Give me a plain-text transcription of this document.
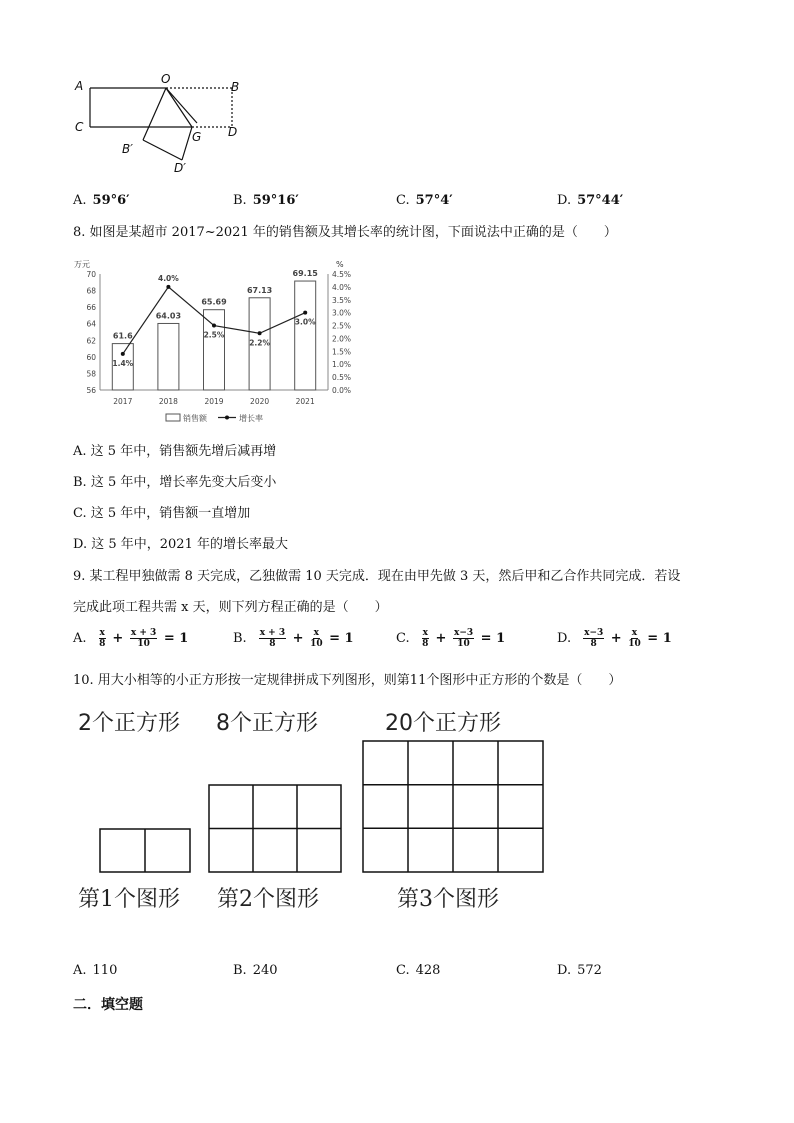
A	O
B
C
G D
B′
D′
A. 59°6′	B. 59°16′	C. 57°4′	D. 57°44′
8. 如图是某超市 2017~2021 年的销售额及其增长率的统计图，下面说法中正确的是（　　）
万元	%
56
58
60
62
64
66
68
70
0.0%
0.5%
1.0%
1.5%
2.0%
2.5%
3.0%
3.5%
4.0%
4.5%
61.6
2017
64.03
2018
65.69
2019
67.13
2020
69.15
2021
1.4%
4.0%
2.5%
2.2%
3.0%
销售额	增长率
A. 这 5 年中，销售额先增后减再增
B. 这 5 年中，增长率先变大后变小
C. 这 5 年中，销售额一直增加
D. 这 5 年中，2021 年的增长率最大
9. 某工程甲独做需 8 天完成，乙独做需 10 天完成．现在由甲先做 3 天，然后甲和乙合作共同完成．若设
完成此项工程共需 x 天，则下列方程正确的是（　　）
A. $\frac{x}{8} + \frac{x + 3}{10} = 1$	B. $\frac{x + 3}{8} + \frac{x}{10} = 1$	C. $\frac{x}{8} + \frac{x-3}{10} = 1$	D. $\frac{x-3}{8} + \frac{x}{10} = 1$
10. 用大小相等的小正方形按一定规律拼成下列图形，则第11个图形中正方形的个数是（　　）
2个正方形 8个正方形	20个正方形
第1个图形 第2个图形	第3个图形
A. 110	B. 240	C. 428	D. 572
二．填空题
